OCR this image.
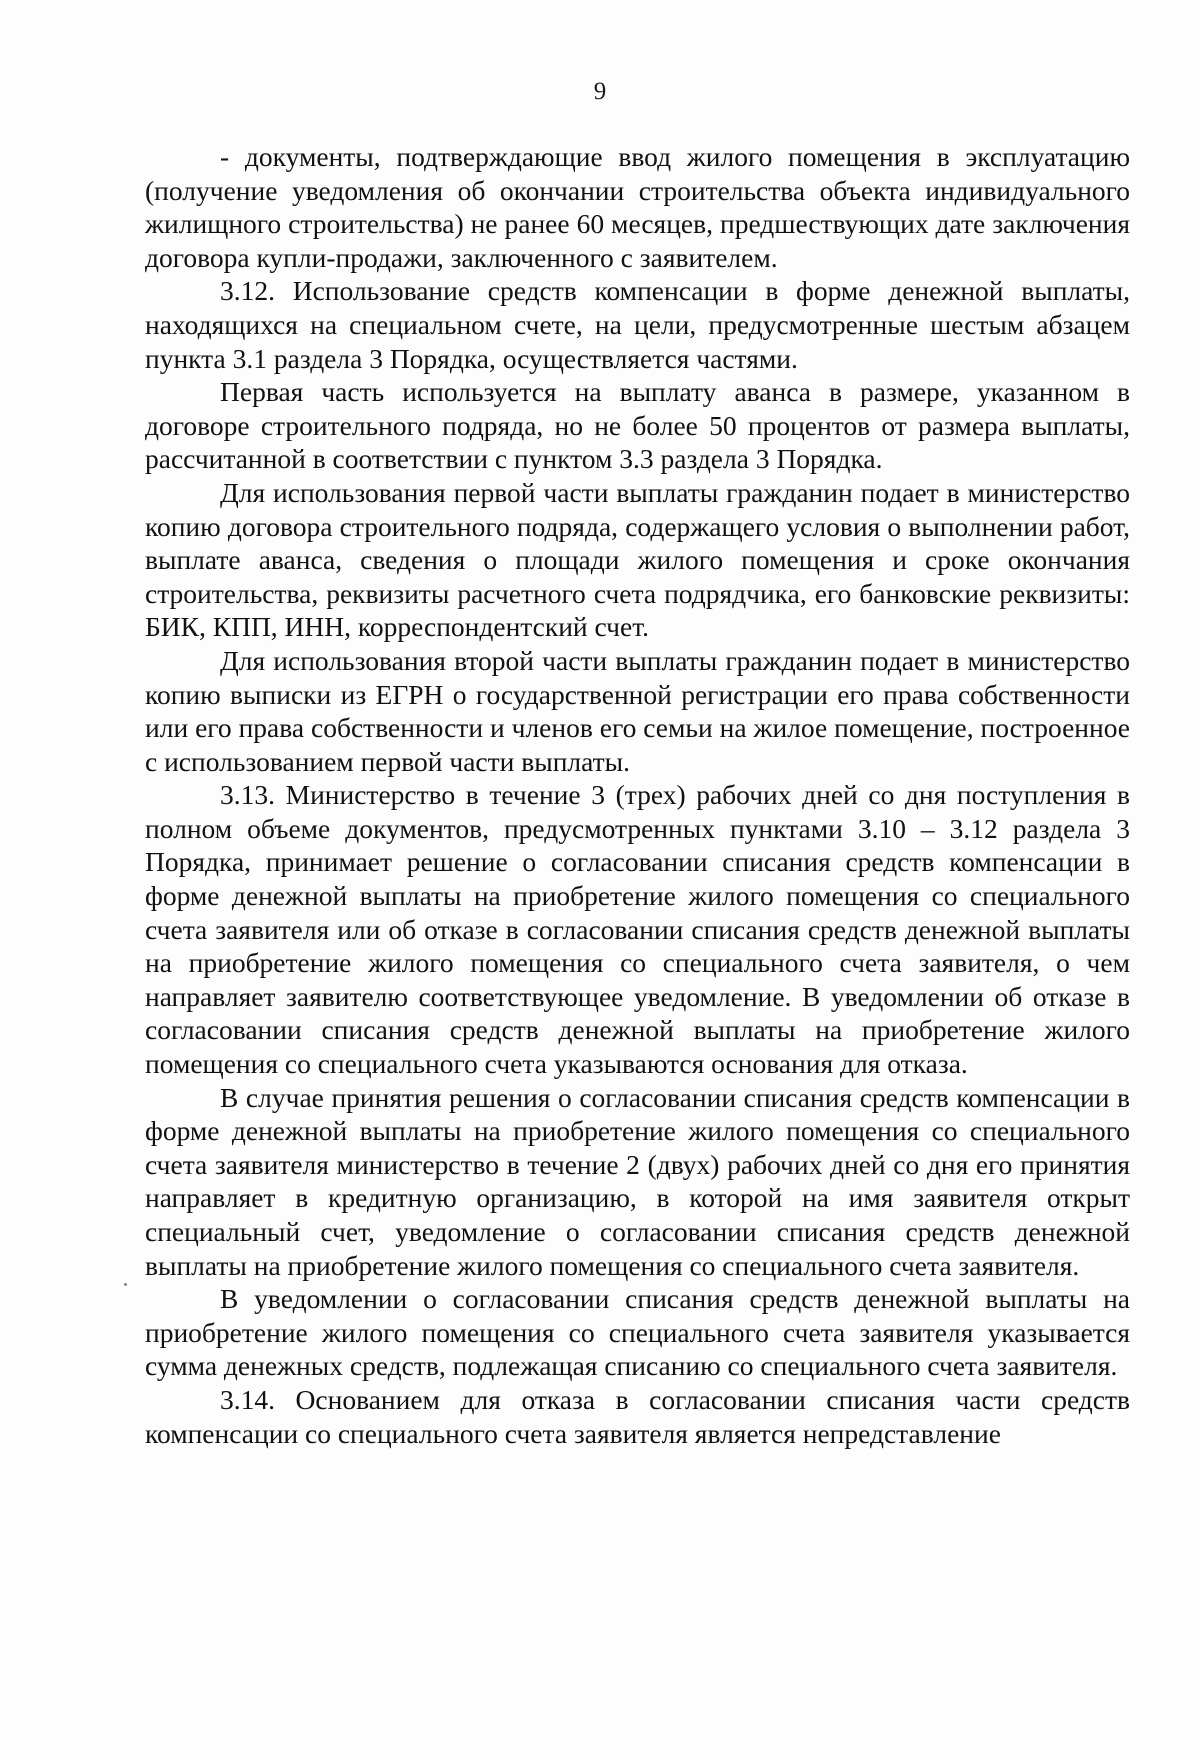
9

- документы, подтверждающие ввод жилого помещения в эксплуатацию (получение уведомления об окончании строительства объекта индивидуального жилищного строительства) не ранее 60 месяцев, предшествующих дате заключения договора купли-продажи, заключенного с заявителем.

3.12. Использование средств компенсации в форме денежной выплаты, находящихся на специальном счете, на цели, предусмотренные шестым абзацем пункта 3.1 раздела 3 Порядка, осуществляется частями.

Первая часть используется на выплату аванса в размере, указанном в договоре строительного подряда, но не более 50 процентов от размера выплаты, рассчитанной в соответствии с пунктом 3.3 раздела 3 Порядка.

Для использования первой части выплаты гражданин подает в министерство копию договора строительного подряда, содержащего условия о выполнении работ, выплате аванса, сведения о площади жилого помещения и сроке окончания строительства, реквизиты расчетного счета подрядчика, его банковские реквизиты: БИК, КПП, ИНН, корреспондентский счет.

Для использования второй части выплаты гражданин подает в министерство копию выписки из ЕГРН о государственной регистрации его права собственности или его права собственности и членов его семьи на жилое помещение, построенное с использованием первой части выплаты.

3.13. Министерство в течение 3 (трех) рабочих дней со дня поступления в полном объеме документов, предусмотренных пунктами 3.10 – 3.12 раздела 3 Порядка, принимает решение о согласовании списания средств компенсации в форме денежной выплаты на приобретение жилого помещения со специального счета заявителя или об отказе в согласовании списания средств денежной выплаты на приобретение жилого помещения со специального счета заявителя, о чем направляет заявителю соответствующее уведомление. В уведомлении об отказе в согласовании списания средств денежной выплаты на приобретение жилого помещения со специального счета указываются основания для отказа.

В случае принятия решения о согласовании списания средств компенсации в форме денежной выплаты на приобретение жилого помещения со специального счета заявителя министерство в течение 2 (двух) рабочих дней со дня его принятия направляет в кредитную организацию, в которой на имя заявителя открыт специальный счет, уведомление о согласовании списания средств денежной выплаты на приобретение жилого помещения со специального счета заявителя.

В уведомлении о согласовании списания средств денежной выплаты на приобретение жилого помещения со специального счета заявителя указывается сумма денежных средств, подлежащая списанию со специального счета заявителя.

3.14. Основанием для отказа в согласовании списания части средств компенсации со специального счета заявителя является непредставление
